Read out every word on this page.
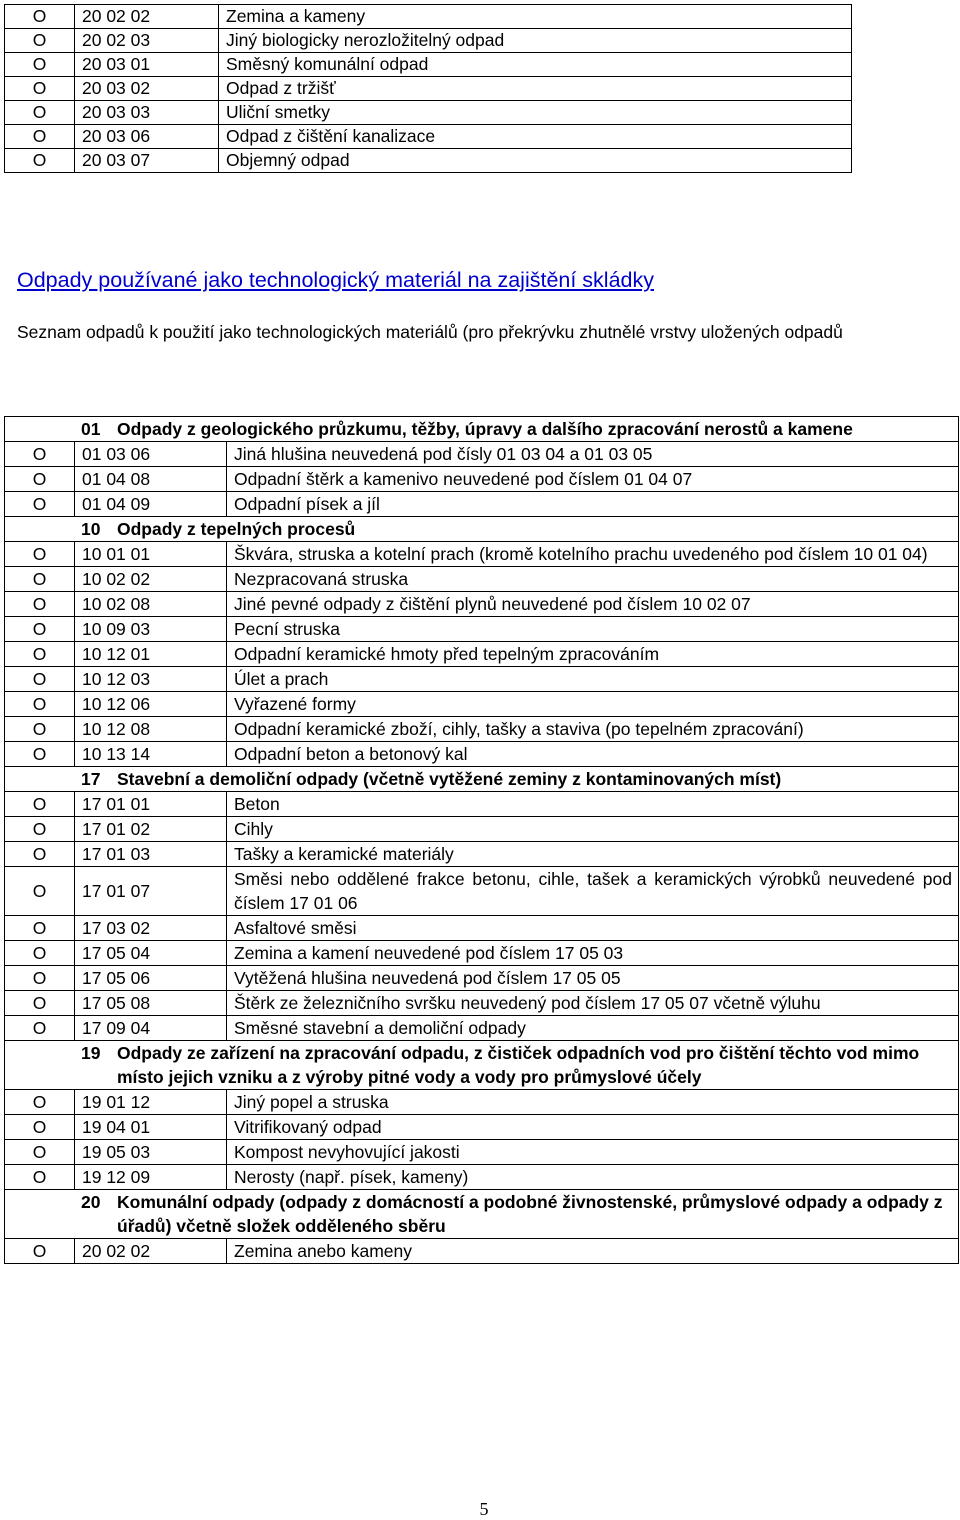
O	20 02 02	Zemina a kameny
O	20 02 03	Jiný biologicky nerozložitelný odpad
O	20 03 01	Směsný komunální odpad
O	20 03 02	Odpad z tržišť
O	20 03 03	Uliční smetky
O	20 03 06	Odpad z čištění kanalizace
O	20 03 07	Objemný odpad
Odpady používané jako technologický materiál na zajištění skládky

Seznam odpadů k použití jako technologických materiálů (pro překrývku zhutnělé vrstvy uložených odpadů

01 Odpady z geologického průzkumu, těžby, úpravy a dalšího zpracování nerostů a kamene		

O	01 03 06	Jiná hlušina neuvedená pod čísly 01 03 04 a 01 03 05
O	01 04 08	Odpadní štěrk a kamenivo neuvedené pod číslem 01 04 07
O	01 04 09	Odpadní písek a jíl

10 Odpady z tepelných procesů		

O	10 01 01	Škvára, struska a kotelní prach (kromě kotelního prachu uvedeného pod číslem 10 01 04)
O	10 02 02	Nezpracovaná struska
O	10 02 08	Jiné pevné odpady z čištění plynů neuvedené pod číslem 10 02 07
O	10 09 03	Pecní struska
O	10 12 01	Odpadní keramické hmoty před tepelným zpracováním
O	10 12 03	Úlet a prach
O	10 12 06	Vyřazené formy
O	10 12 08	Odpadní keramické zboží, cihly, tašky a staviva (po tepelném zpracování)
O	10 13 14	Odpadní beton a betonový kal

17 Stavební a demoliční odpady (včetně vytěžené zeminy z kontaminovaných míst)		

O	17 01 01	Beton
O	17 01 02	Cihly
O	17 01 03	Tašky a keramické materiály
O	17 01 07	Směsi nebo oddělené frakce betonu, cihle, tašek a keramických výrobků neuvedené pod číslem 17 01 06
O	17 03 02	Asfaltové směsi
O	17 05 04	Zemina a kamení neuvedené pod číslem 17 05 03
O	17 05 06	Vytěžená hlušina neuvedená pod číslem 17 05 05
O	17 05 08	Štěrk ze železničního svršku neuvedený pod číslem 17 05 07 včetně výluhu
O	17 09 04	Směsné stavební a demoliční odpady

19 Odpady ze zařízení na zpracování odpadu, z čističek odpadních vod pro čištění těchto vod mimo místo jejich vzniku a z výroby pitné vody a vody pro průmyslové účely		

O	19 01 12	Jiný popel a struska
O	19 04 01	Vitrifikovaný odpad
O	19 05 03	Kompost nevyhovující jakosti
O	19 12 09	Nerosty (např. písek, kameny)

20 Komunální odpady (odpady z domácností a podobné živnostenské, průmyslové odpady a odpady z úřadů) včetně složek odděleného sběru		

O	20 02 02	Zemina anebo kameny
5
